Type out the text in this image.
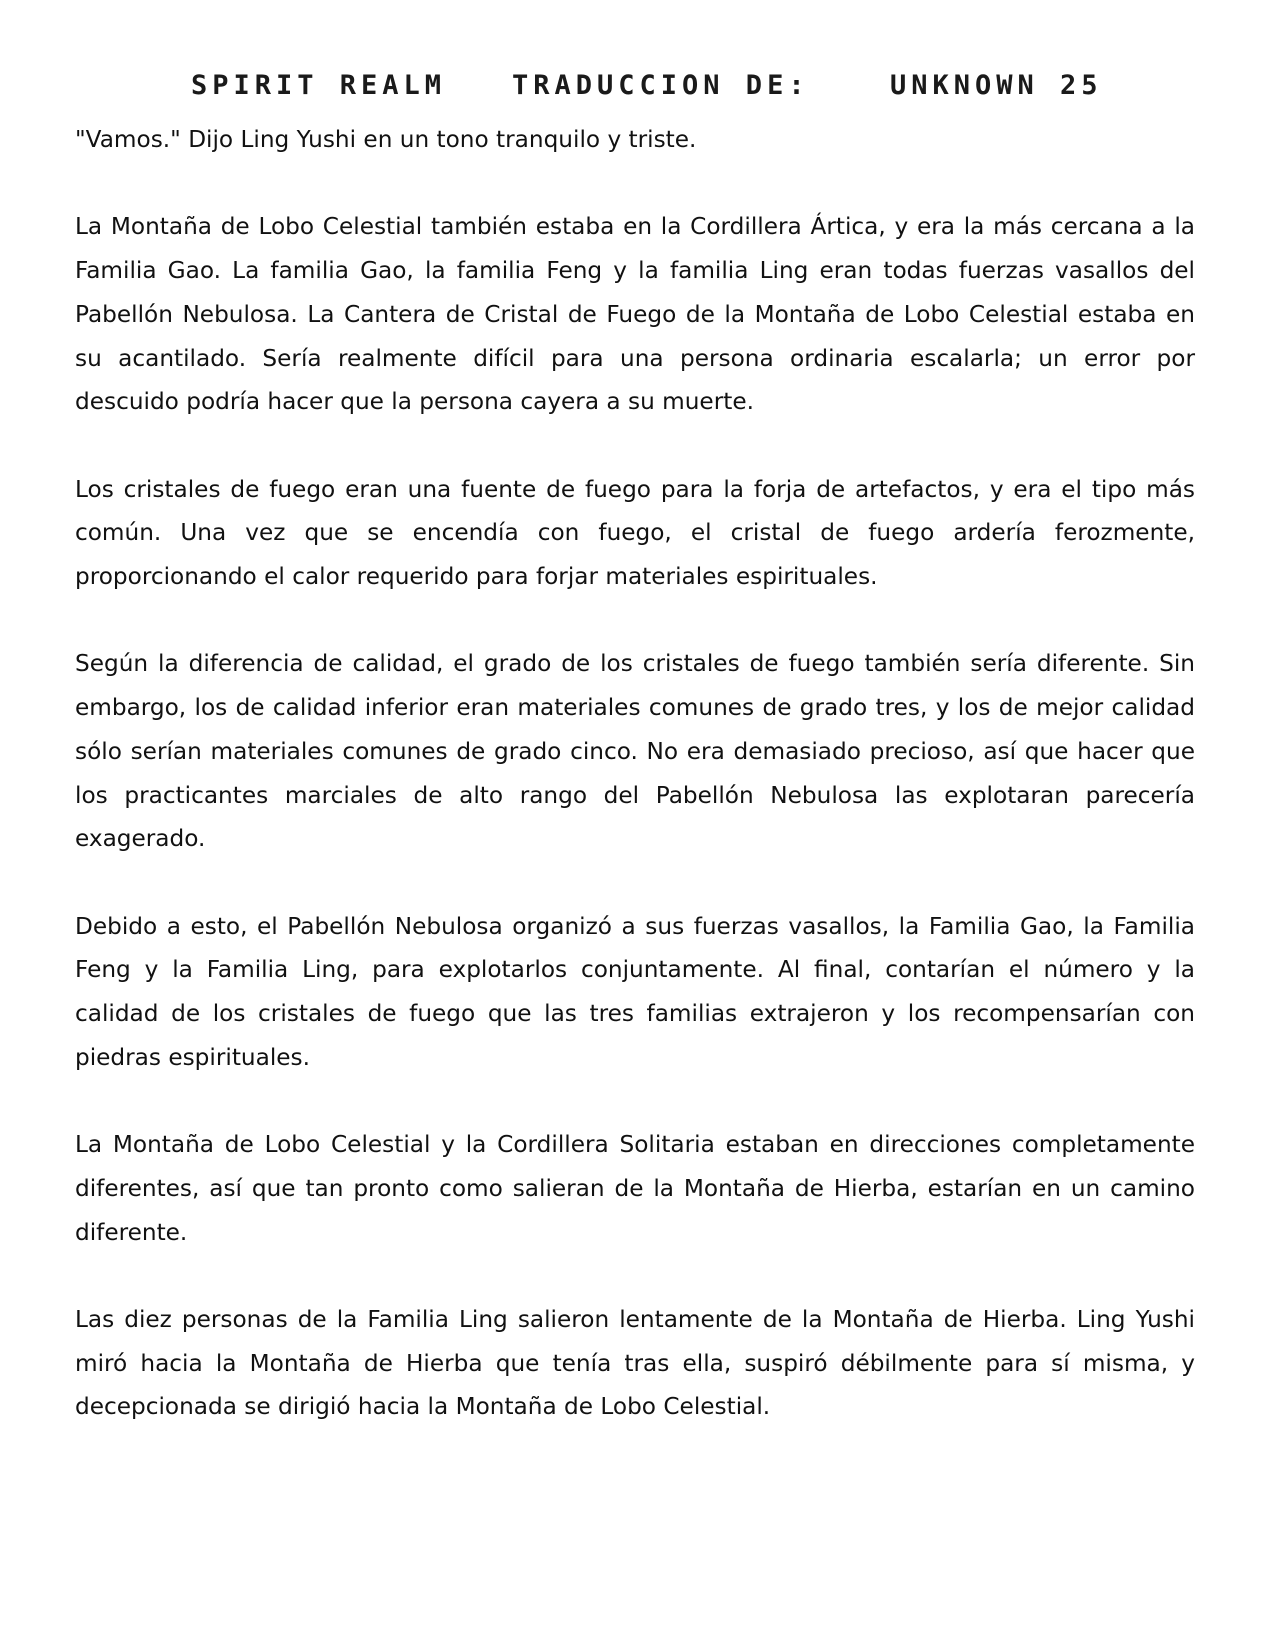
SPIRIT REALM TRADUCCION DE:	UNKNOWN 25

"Vamos." Dijo Ling Yushi en un tono tranquilo y triste.

La Montaña de Lobo Celestial también estaba en la Cordillera Ártica, y era la más cercana a la Familia Gao. La familia Gao, la familia Feng y la familia Ling eran todas fuerzas vasallos del Pabellón Nebulosa. La Cantera de Cristal de Fuego de la Montaña de Lobo Celestial estaba en su acantilado. Sería realmente difícil para una persona ordinaria escalarla; un error por descuido podría hacer que la persona cayera a su muerte.

Los cristales de fuego eran una fuente de fuego para la forja de artefactos, y era el tipo más común. Una vez que se encendía con fuego, el cristal de fuego ardería ferozmente, proporcionando el calor requerido para forjar materiales espirituales.

Según la diferencia de calidad, el grado de los cristales de fuego también sería diferente. Sin embargo, los de calidad inferior eran materiales comunes de grado tres, y los de mejor calidad sólo serían materiales comunes de grado cinco. No era demasiado precioso, así que hacer que los practicantes marciales de alto rango del Pabellón Nebulosa las explotaran parecería exagerado.

Debido a esto, el Pabellón Nebulosa organizó a sus fuerzas vasallos, la Familia Gao, la Familia Feng y la Familia Ling, para explotarlos conjuntamente. Al final, contarían el número y la calidad de los cristales de fuego que las tres familias extrajeron y los recompensarían con piedras espirituales.

La Montaña de Lobo Celestial y la Cordillera Solitaria estaban en direcciones completamente diferentes, así que tan pronto como salieran de la Montaña de Hierba, estarían en un camino diferente.

Las diez personas de la Familia Ling salieron lentamente de la Montaña de Hierba. Ling Yushi miró hacia la Montaña de Hierba que tenía tras ella, suspiró débilmente para sí misma, y decepcionada se dirigió hacia la Montaña de Lobo Celestial.
